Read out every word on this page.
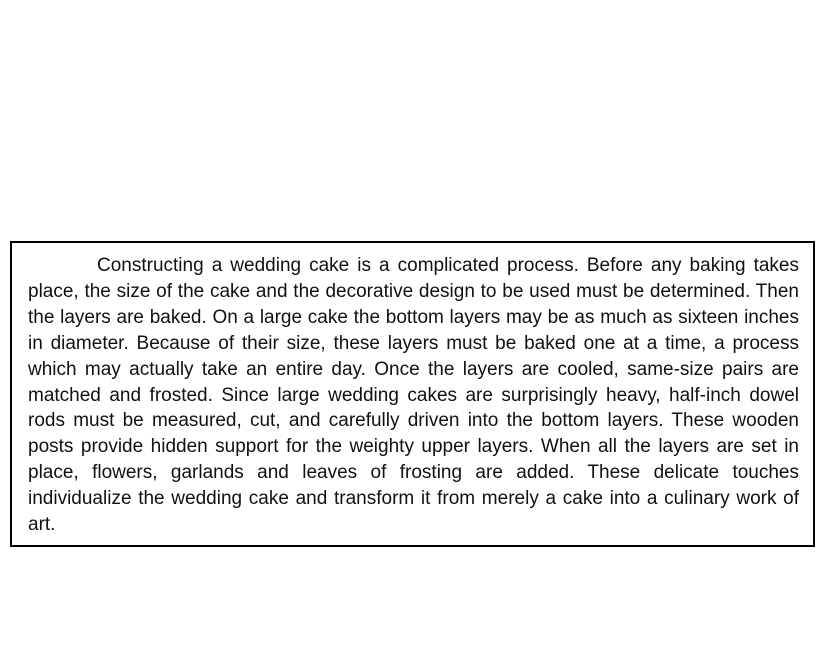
Constructing a wedding cake is a complicated process. Before any baking takes place, the size of the cake and the decorative design to be used must be determined. Then the layers are baked. On a large cake the bottom layers may be as much as sixteen inches in diameter. Because of their size, these layers must be baked one at a time, a process which may actually take an entire day. Once the layers are cooled, same-size pairs are matched and frosted. Since large wedding cakes are surprisingly heavy, half-inch dowel rods must be measured, cut, and carefully driven into the bottom layers. These wooden posts provide hidden support for the weighty upper layers. When all the layers are set in place, flowers, garlands and leaves of frosting are added. These delicate touches individualize the wedding cake and transform it from merely a cake into a culinary work of art.
